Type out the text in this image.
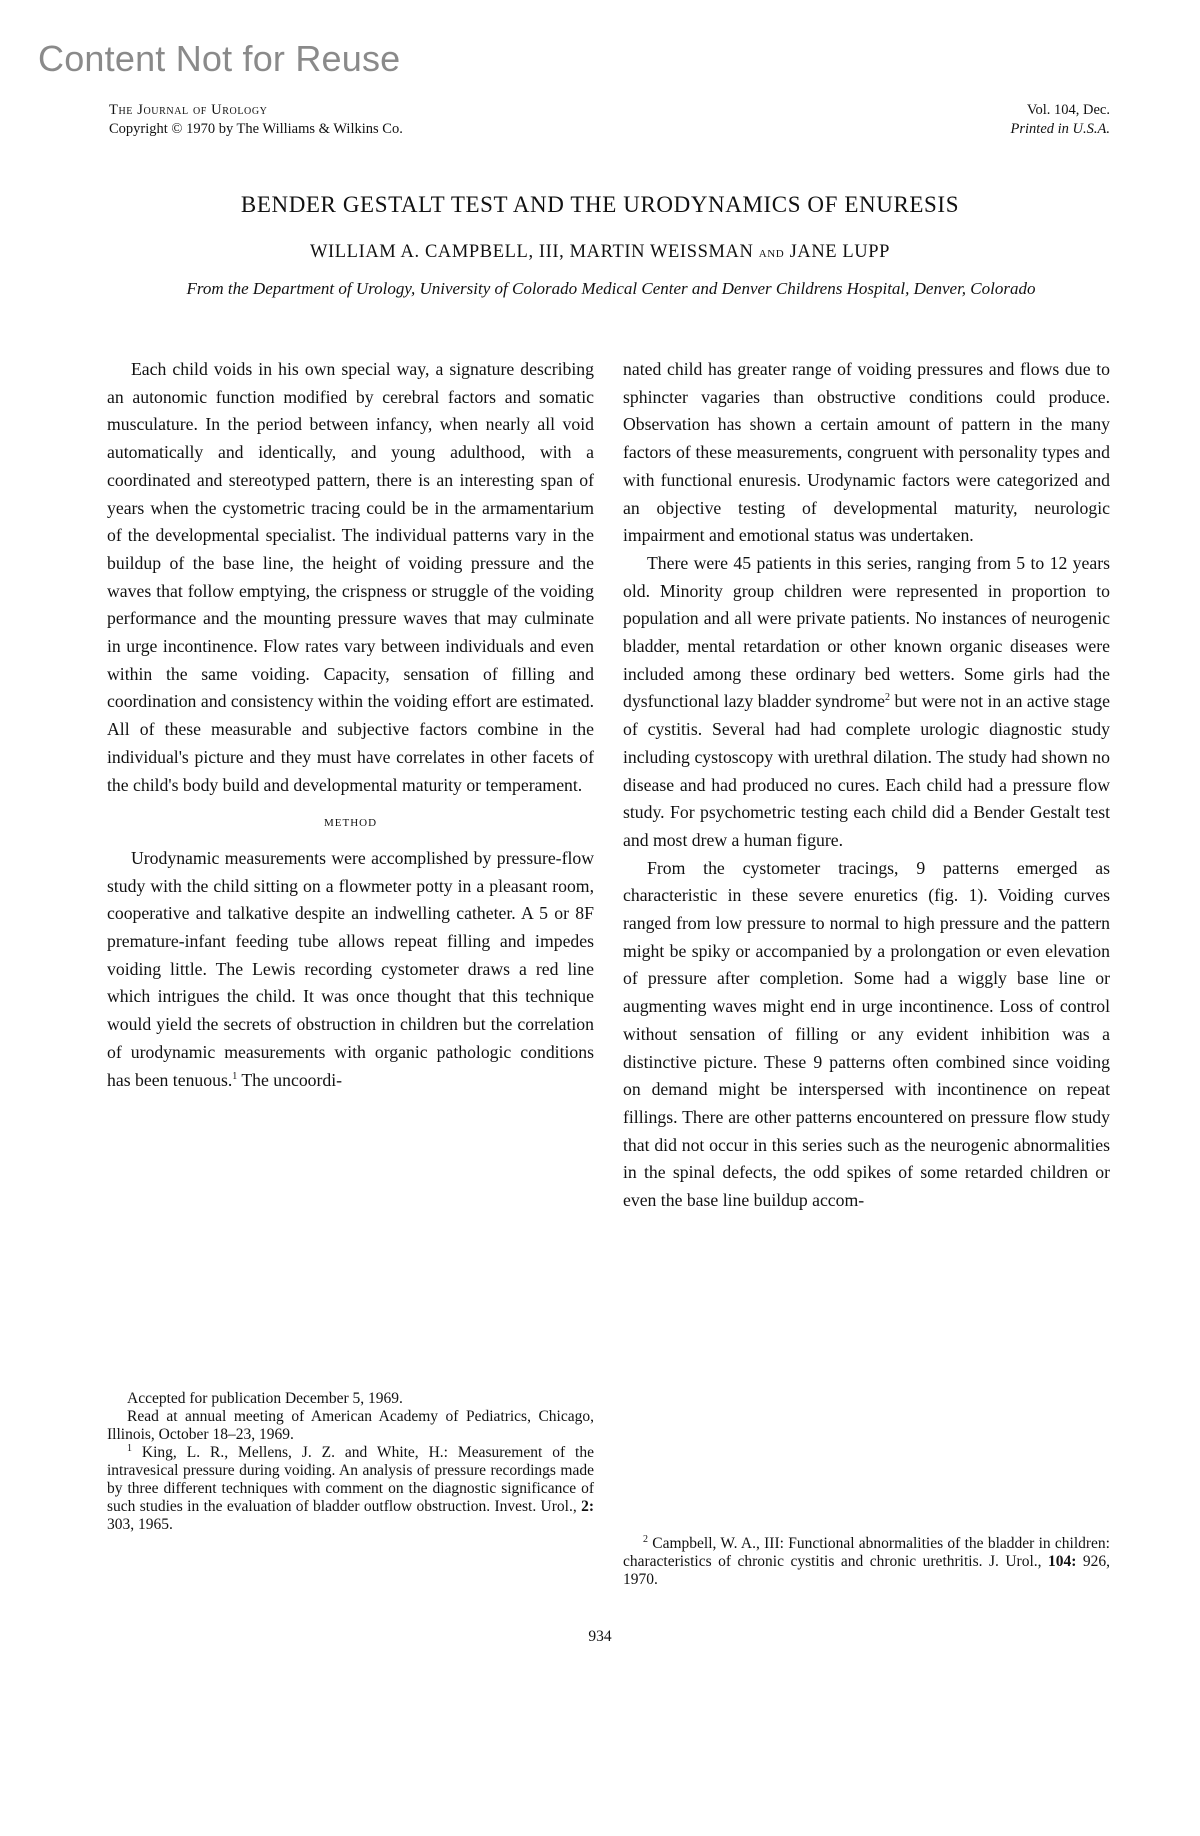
Content Not for Reuse
The Journal of Urology
Copyright © 1970 by The Williams & Wilkins Co.
Vol. 104, Dec.
Printed in U.S.A.
BENDER GESTALT TEST AND THE URODYNAMICS OF ENURESIS
WILLIAM A. CAMPBELL, III, MARTIN WEISSMAN and JANE LUPP
From the Department of Urology, University of Colorado Medical Center and Denver Childrens Hospital, Denver, Colorado

Each child voids in his own special way, a signature describing an autonomic function modified by cerebral factors and somatic musculature. In the period between infancy, when nearly all void automatically and identically, and young adulthood, with a coordinated and stereotyped pattern, there is an interesting span of years when the cystometric tracing could be in the armamentarium of the developmental specialist. The individual patterns vary in the buildup of the base line, the height of voiding pressure and the waves that follow emptying, the crispness or struggle of the voiding performance and the mounting pressure waves that may culminate in urge incontinence. Flow rates vary between individuals and even within the same voiding. Capacity, sensation of filling and coordination and consistency within the voiding effort are estimated. All of these measurable and subjective factors combine in the individual's picture and they must have correlates in other facets of the child's body build and developmental maturity or temperament.

method

Urodynamic measurements were accomplished by pressure-flow study with the child sitting on a flowmeter potty in a pleasant room, cooperative and talkative despite an indwelling catheter. A 5 or 8F premature-infant feeding tube allows repeat filling and impedes voiding little. The Lewis recording cystometer draws a red line which intrigues the child. It was once thought that this technique would yield the secrets of obstruction in children but the correlation of urodynamic measurements with organic pathologic conditions has been tenuous.$^1$ The uncoordi-

nated child has greater range of voiding pressures and flows due to sphincter vagaries than obstructive conditions could produce. Observation has shown a certain amount of pattern in the many factors of these measurements, congruent with personality types and with functional enuresis. Urodynamic factors were categorized and an objective testing of developmental maturity, neurologic impairment and emotional status was undertaken.

There were 45 patients in this series, ranging from 5 to 12 years old. Minority group children were represented in proportion to population and all were private patients. No instances of neurogenic bladder, mental retardation or other known organic diseases were included among these ordinary bed wetters. Some girls had the dysfunctional lazy bladder syndrome$^2$ but were not in an active stage of cystitis. Several had had complete urologic diagnostic study including cystoscopy with urethral dilation. The study had shown no disease and had produced no cures. Each child had a pressure flow study. For psychometric testing each child did a Bender Gestalt test and most drew a human figure.

From the cystometer tracings, 9 patterns emerged as characteristic in these severe enuretics (fig. 1). Voiding curves ranged from low pressure to normal to high pressure and the pattern might be spiky or accompanied by a prolongation or even elevation of pressure after completion. Some had a wiggly base line or augmenting waves might end in urge incontinence. Loss of control without sensation of filling or any evident inhibition was a distinctive picture. These 9 patterns often combined since voiding on demand might be interspersed with incontinence on repeat fillings. There are other patterns encountered on pressure flow study that did not occur in this series such as the neurogenic abnormalities in the spinal defects, the odd spikes of some retarded children or even the base line buildup accom-

Accepted for publication December 5, 1969.

Read at annual meeting of American Academy of Pediatrics, Chicago, Illinois, October 18–23, 1969.

$^1$ King, L. R., Mellens, J. Z. and White, H.: Measurement of the intravesical pressure during voiding. An analysis of pressure recordings made by three different techniques with comment on the diagnostic significance of such studies in the evaluation of bladder outflow obstruction. Invest. Urol., 2: 303, 1965.

$^2$ Campbell, W. A., III: Functional abnormalities of the bladder in children: characteristics of chronic cystitis and chronic urethritis. J. Urol., 104: 926, 1970.

934
